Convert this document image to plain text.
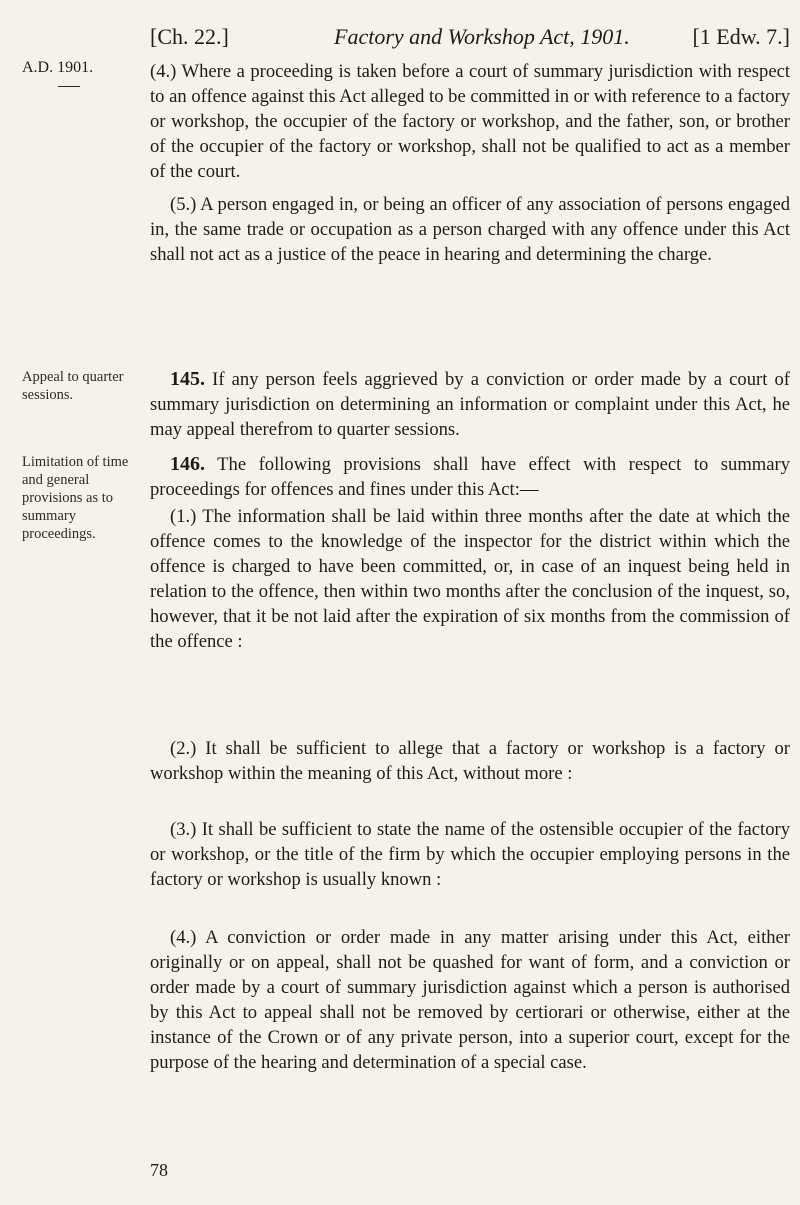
[Ch. 22.]	Factory and Workshop Act, 1901.	[1 Edw. 7.]
A.D. 1901.
Appeal to quarter sessions.
Limitation of time and general provisions as to summary proceedings.

(4.) Where a proceeding is taken before a court of summary jurisdiction with respect to an offence against this Act alleged to be committed in or with reference to a factory or workshop, the occupier of the factory or workshop, and the father, son, or brother of the occupier of the factory or workshop, shall not be qualified to act as a member of the court.

(5.) A person engaged in, or being an officer of any association of persons engaged in, the same trade or occupation as a person charged with any offence under this Act shall not act as a justice of the peace in hearing and determining the charge.

145. If any person feels aggrieved by a conviction or order made by a court of summary jurisdiction on determining an information or complaint under this Act, he may appeal therefrom to quarter sessions.

146. The following provisions shall have effect with respect to summary proceedings for offences and fines under this Act:—

(1.) The information shall be laid within three months after the date at which the offence comes to the knowledge of the inspector for the district within which the offence is charged to have been committed, or, in case of an inquest being held in relation to the offence, then within two months after the conclusion of the inquest, so, however, that it be not laid after the expiration of six months from the commission of the offence :

(2.) It shall be sufficient to allege that a factory or workshop is a factory or workshop within the meaning of this Act, without more :

(3.) It shall be sufficient to state the name of the ostensible occupier of the factory or workshop, or the title of the firm by which the occupier employing persons in the factory or workshop is usually known :

(4.) A conviction or order made in any matter arising under this Act, either originally or on appeal, shall not be quashed for want of form, and a conviction or order made by a court of summary jurisdiction against which a person is authorised by this Act to appeal shall not be removed by certiorari or otherwise, either at the instance of the Crown or of any private person, into a superior court, except for the purpose of the hearing and determination of a special case.

78
